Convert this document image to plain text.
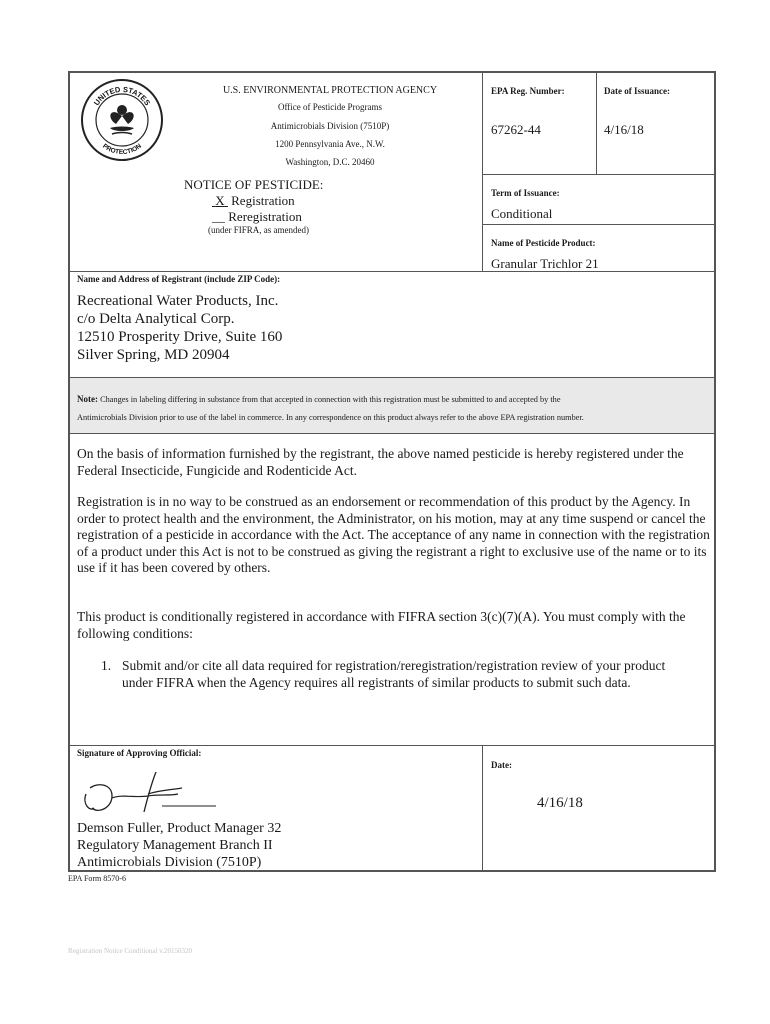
UNITED STATES
PROTECTION
U.S. ENVIRONMENTAL PROTECTION AGENCY
Office of Pesticide Programs
Antimicrobials Division (7510P)
1200 Pennsylvania Ave., N.W.
Washington, D.C. 20460
NOTICE OF PESTICIDE:
X Registration
__ Reregistration
(under FIFRA, as amended)
EPA Reg. Number:
67262-44
Date of Issuance:
4/16/18
Term of Issuance:
Conditional
Name of Pesticide Product:
Granular Trichlor 21
Name and Address of Registrant (include ZIP Code):
Recreational Water Products, Inc.
c/o Delta Analytical Corp.
12510 Prosperity Drive, Suite 160
Silver Spring, MD 20904
Note: Changes in labeling differing in substance from that accepted in connection with this registration must be submitted to and accepted by the
Antimicrobials Division prior to use of the label in commerce. In any correspondence on this product always refer to the above EPA registration number.
On the basis of information furnished by the registrant, the above named pesticide is hereby registered under the Federal Insecticide, Fungicide and Rodenticide Act.
Registration is in no way to be construed as an endorsement or recommendation of this product by the Agency. In order to protect health and the environment, the Administrator, on his motion, may at any time suspend or cancel the registration of a pesticide in accordance with the Act. The acceptance of any name in connection with the registration of a product under this Act is not to be construed as giving the registrant a right to exclusive use of the name or to its use if it has been covered by others.
This product is conditionally registered in accordance with FIFRA section 3(c)(7)(A). You must comply with the following conditions:
1. Submit and/or cite all data required for registration/reregistration/registration review of your product under FIFRA when the Agency requires all registrants of similar products to submit such data.
Signature of Approving Official:
Demson Fuller, Product Manager 32
Regulatory Management Branch II
Antimicrobials Division (7510P)
Date:
4/16/18
EPA Form 8570-6
Registration Notice Conditional v.20150320
